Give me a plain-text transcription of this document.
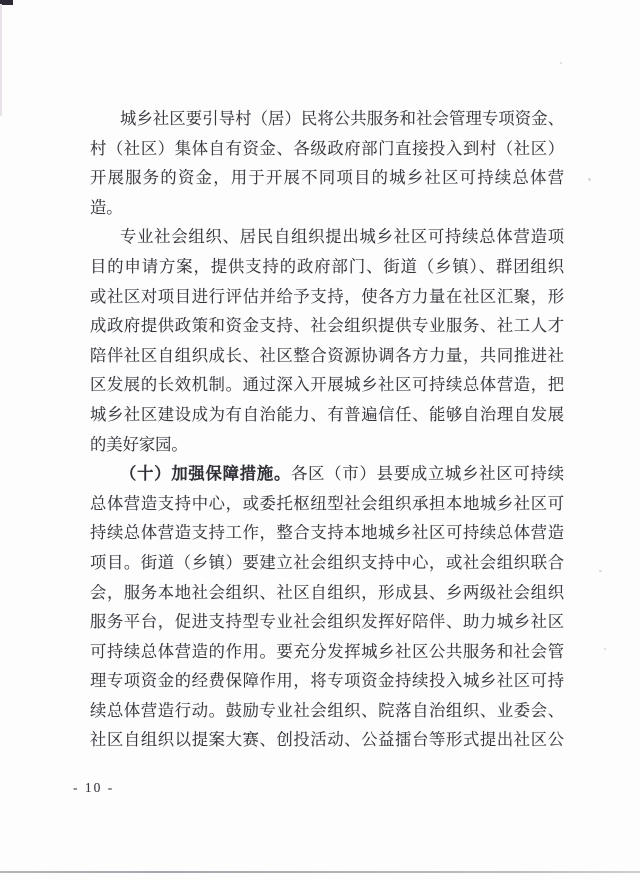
城乡社区要引导村（居）民将公共服务和社会管理专项资金、
村（社区）集体自有资金、各级政府部门直接投入到村（社区）
开展服务的资金，用于开展不同项目的城乡社区可持续总体营
造。
专业社会组织、居民自组织提出城乡社区可持续总体营造项
目的申请方案，提供支持的政府部门、街道（乡镇）、群团组织
或社区对项目进行评估并给予支持，使各方力量在社区汇聚，形
成政府提供政策和资金支持、社会组织提供专业服务、社工人才
陪伴社区自组织成长、社区整合资源协调各方力量，共同推进社
区发展的长效机制。通过深入开展城乡社区可持续总体营造，把
城乡社区建设成为有自治能力、有普遍信任、能够自治理自发展
的美好家园。
（十）加强保障措施。各区（市）县要成立城乡社区可持续
总体营造支持中心，或委托枢纽型社会组织承担本地城乡社区可
持续总体营造支持工作，整合支持本地城乡社区可持续总体营造
项目。街道（乡镇）要建立社会组织支持中心，或社会组织联合
会，服务本地社会组织、社区自组织，形成县、乡两级社会组织
服务平台，促进支持型专业社会组织发挥好陪伴、助力城乡社区
可持续总体营造的作用。要充分发挥城乡社区公共服务和社会管
理专项资金的经费保障作用，将专项资金持续投入城乡社区可持
续总体营造行动。鼓励专业社会组织、院落自治组织、业委会、
社区自组织以提案大赛、创投活动、公益擂台等形式提出社区公
- 10 -
